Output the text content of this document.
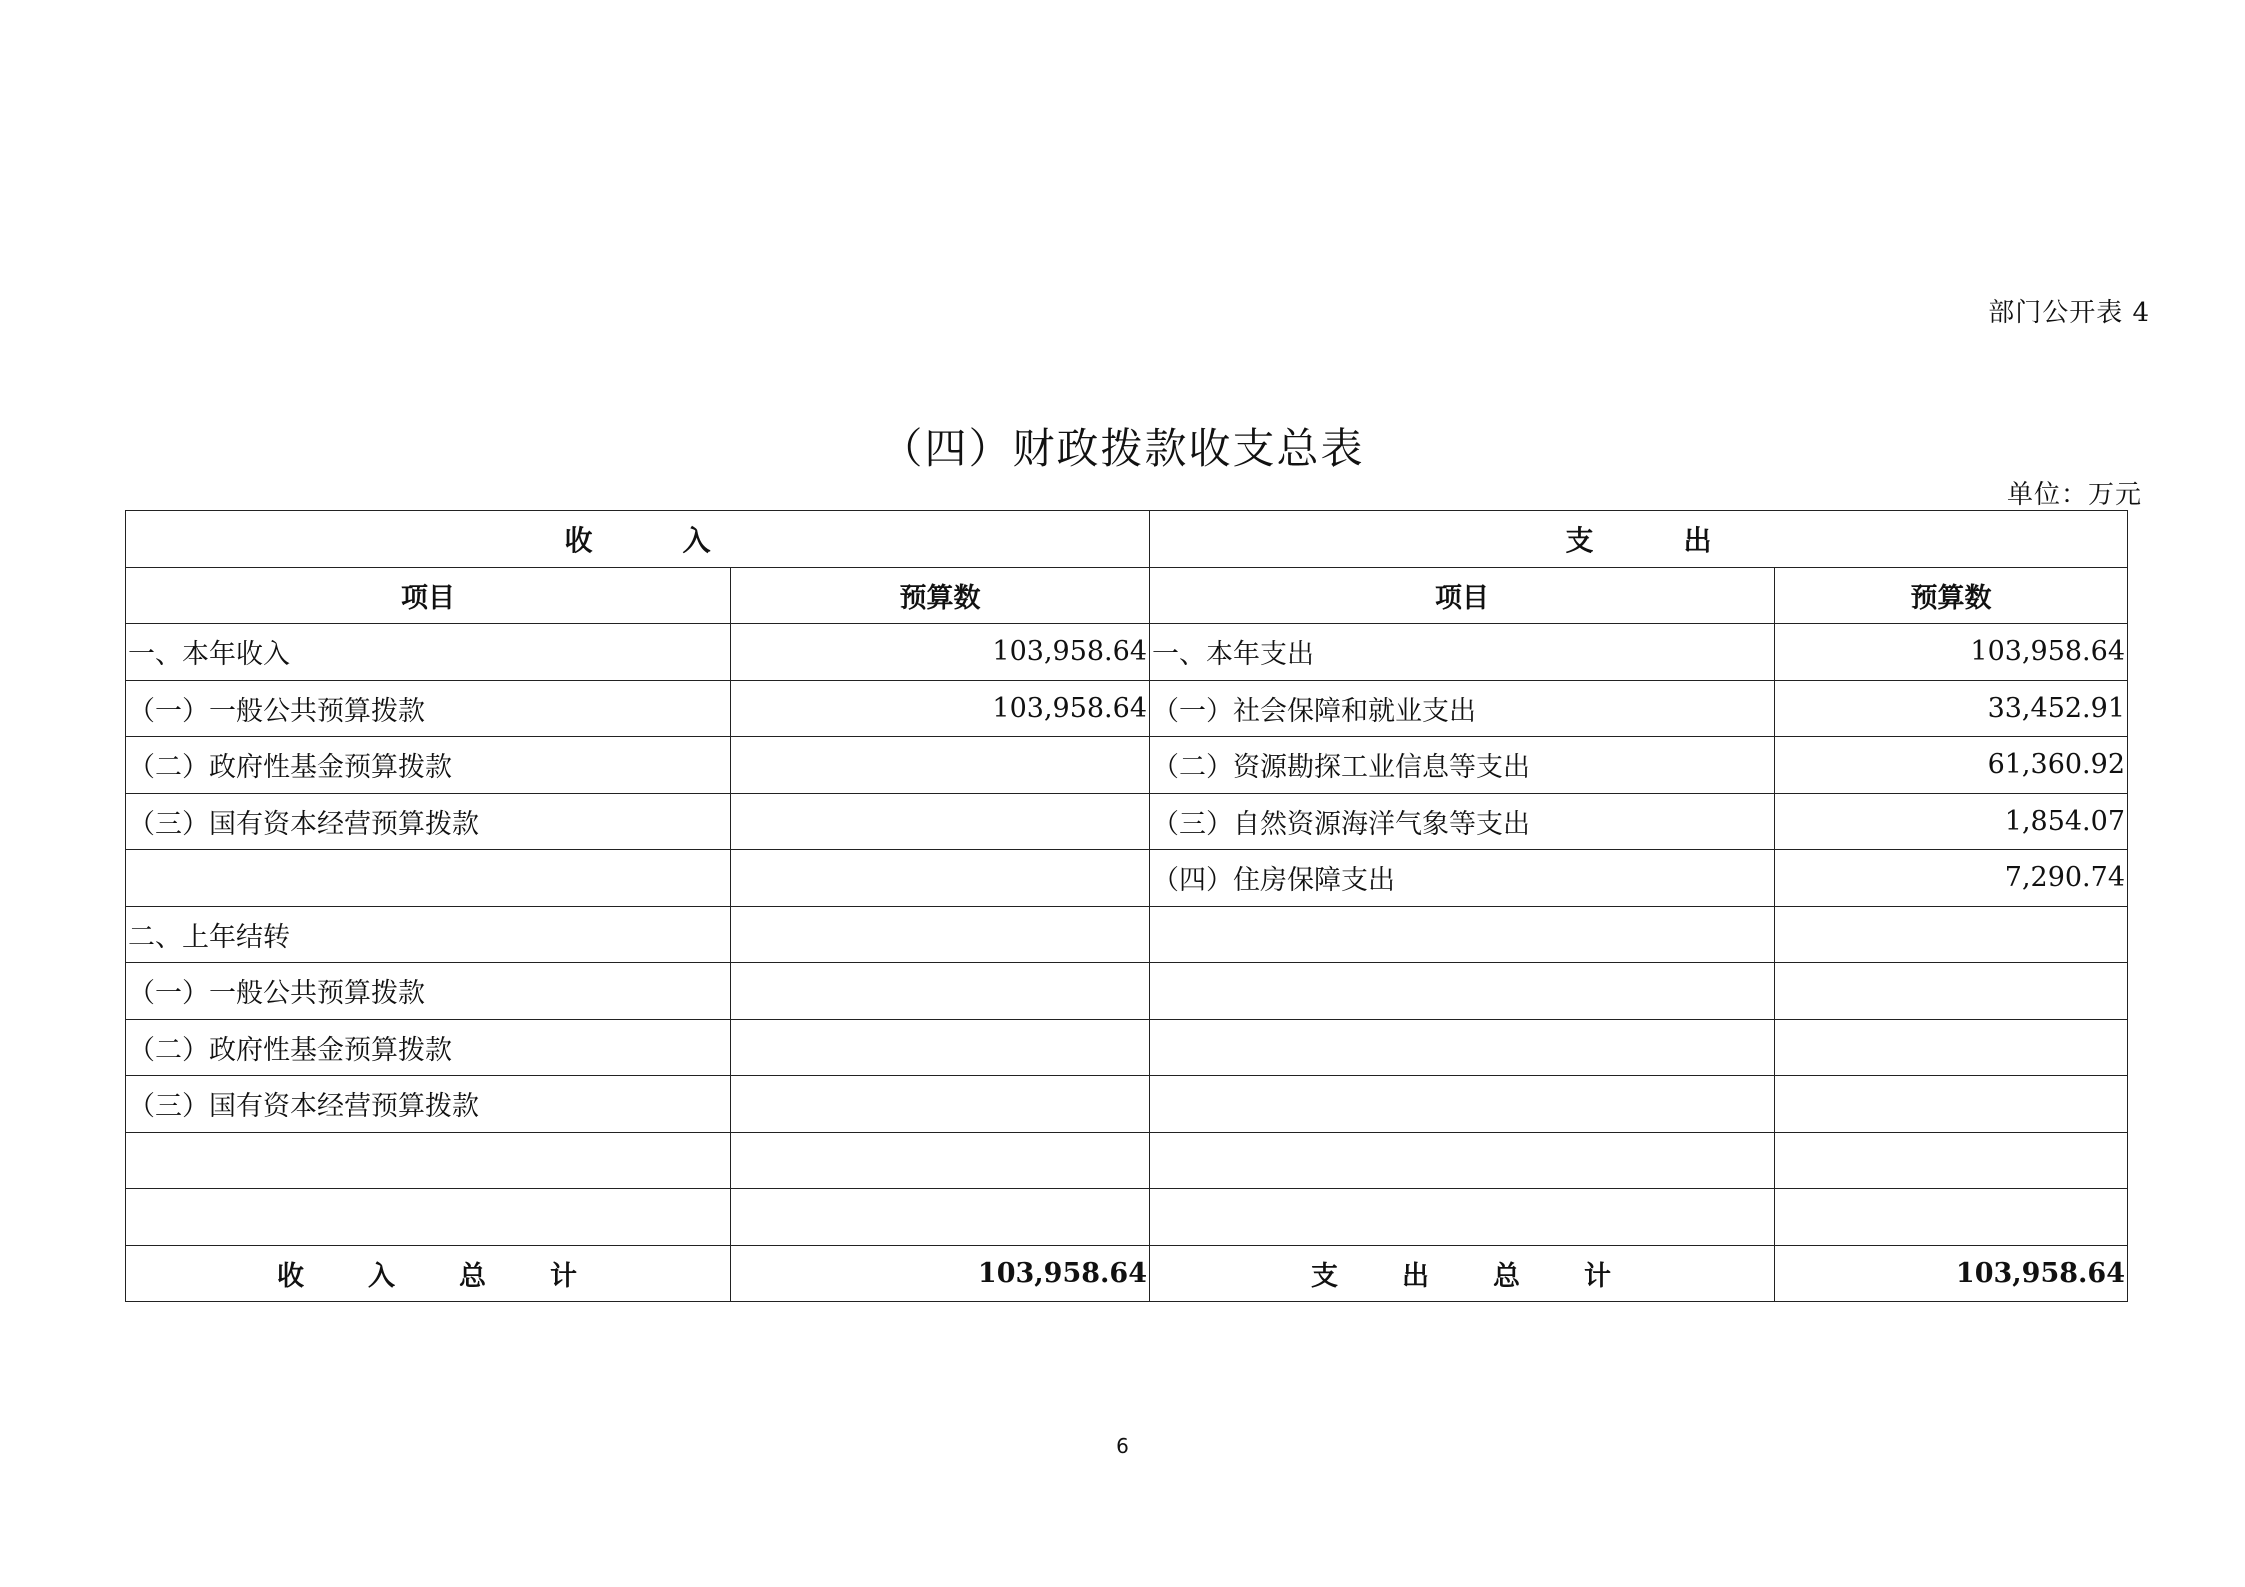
部门公开表 4
（四）财政拨款收支总表
单位：万元
收 入		支 出	
项目	预算数	项目	预算数
一、本年收入	103,958.64	一、本年支出	103,958.64
（一）一般公共预算拨款	103,958.64	（一）社会保障和就业支出	33,452.91
（二）政府性基金预算拨款		（二）资源勘探工业信息等支出	61,360.92
（三）国有资本经营预算拨款		（三）自然资源海洋气象等支出	1,854.07
		（四）住房保障支出	7,290.74
二、上年结转			
（一）一般公共预算拨款			
（二）政府性基金预算拨款			
（三）国有资本经营预算拨款			

收 入 总 计	103,958.64	支 出 总 计	103,958.64
6
